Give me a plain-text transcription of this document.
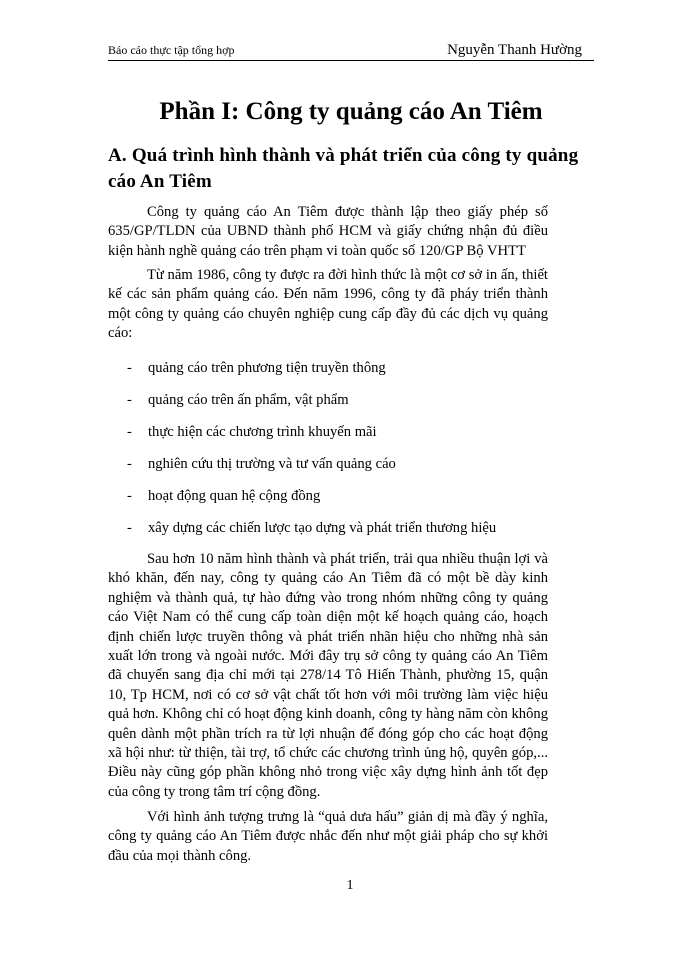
Báo cáo thực tập tổng hợp	Nguyễn Thanh Hường
Phần I: Công ty quảng cáo An Tiêm
A. Quá trình hình thành và phát triển của công ty quảng cáo An Tiêm

Công ty quảng cáo An Tiêm được thành lập theo giấy phép số 635/GP/TLDN của UBND thành phố HCM và giấy chứng nhận đủ điều kiện hành nghề quảng cáo trên phạm vi toàn quốc số 120/GP Bộ VHTT

Từ năm 1986, công ty được ra đời hình thức là một cơ sở in ấn, thiết kế các sản phẩm quảng cáo. Đến năm 1996, công ty đã pháy triển thành một công ty quảng cáo chuyên nghiệp cung cấp đầy đủ các dịch vụ quảng cáo:

- quảng cáo trên phương tiện truyền thông
- quảng cáo trên ấn phẩm, vật phẩm
- thực hiện các chương trình khuyến mãi
- nghiên cứu thị trường và tư vấn quảng cáo
- hoạt động quan hệ cộng đồng
- xây dựng các chiến lược tạo dựng và phát triển thương hiệu

Sau hơn 10 năm hình thành và phát triển, trải qua nhiều thuận lợi và khó khăn, đến nay, công ty quảng cáo An Tiêm đã có một bề dày kinh nghiệm và thành quả, tự hào đứng vào trong nhóm những công ty quảng cáo Việt Nam có thể cung cấp toàn diện một kế hoạch quảng cáo, hoạch định chiến lược truyền thông và phát triển nhãn hiệu cho những nhà sản xuất lớn trong và ngoài nước. Mới đây trụ sở công ty quảng cáo An Tiêm đã chuyển sang địa chỉ mới tại 278/14 Tô Hiến Thành, phường 15, quận 10, Tp HCM, nơi có cơ sở vật chất tốt hơn với môi trường làm việc hiệu quả hơn. Không chỉ có hoạt động kinh doanh, công ty hàng năm còn không quên dành một phần trích ra từ lợi nhuận để đóng góp cho các hoạt động xã hội như: từ thiện, tài trợ, tổ chức các chương trình ủng hộ, quyên góp,... Điều này cũng góp phần không nhỏ trong việc xây dựng hình ảnh tốt đẹp của công ty trong tâm trí cộng đồng.

Với hình ảnh tượng trưng là “quả dưa hấu” giản dị mà đầy ý nghĩa, công ty quảng cáo An Tiêm được nhắc đến như một giải pháp cho sự khởi đầu của mọi thành công.

1
